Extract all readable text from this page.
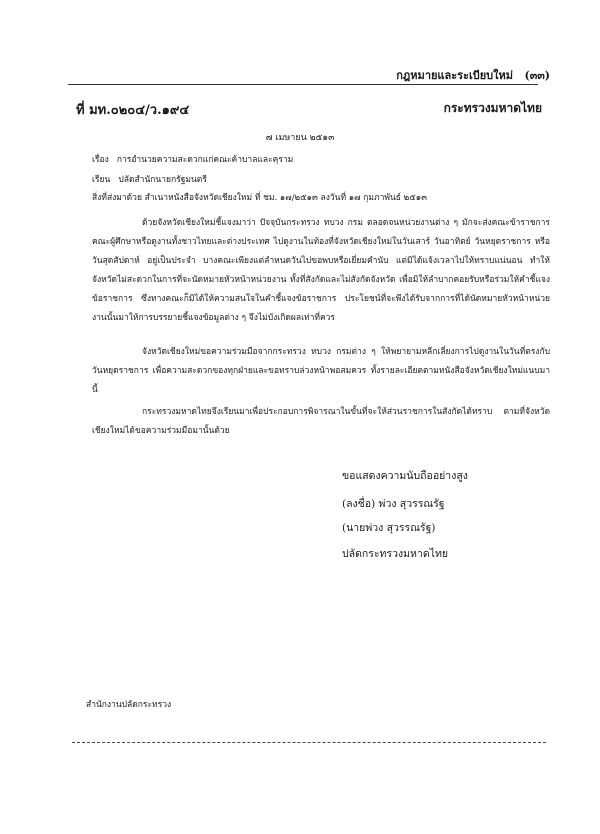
กฎหมายและระเบียบใหม่ (๓๓)
ที่ มท.๐๒๐๔/ว.๑๙๔	กระทรวงมหาดไทย
๗ เมษายน ๒๕๑๓
เรื่อง การอำนวยความสะดวกแก่คณะค้าบาลและคุราม
เรียน ปลัดสำนักนายกรัฐมนตรี
สิ่งที่ส่งมาด้วย สำเนาหนังสือจังหวัดเชียงใหม่ ที่ ชม. ๑๗/๒๕๑๓ ลงวันที่ ๑๗ กุมภาพันธ์ ๒๕๑๓

ด้วยจังหวัดเชียงใหม่ชี้แจงมาว่า ปัจจุบันกระทรวง ทบวง กรม ตลอดจนหน่วยงานต่าง ๆ มักจะส่งคณะข้าราชการ คณะผู้ศึกษาหรือดูงานทั้งชาวไทยและต่างประเทศ ไปดูงานในท้องที่จังหวัดเชียงใหม่ในวันเสาร์ วันอาทิตย์ วันหยุดราชการ หรือวันสุดสัปดาห์ อยู่เป็นประจำ บางคณะเพียงแต่ลำหนดวันไปขอพบหรือเยี่ยมคำนับ แต่มิได้แจ้งเวลาไปให้ทราบแน่นอน ทำให้จังหวัดไม่สะดวกในการที่จะนัดหมายหัวหน้าหน่วยงาน ทั้งที่สังกัดและไม่สังกัดจังหวัด เพื่อมิให้ลำบากคอยรับหรือร่วมให้คำชี้แจงข้อราชการ ซึ่งทางคณะก็มิได้ให้ความสนใจในคำชี้แจงข้อราชการ ประโยชน์ที่จะพึงได้รับจากการที่ได้นัดหมายหัวหน้าหน่วยงานนั้นมาให้การบรรยายชี้แจงข้อมูลต่าง ๆ จึงไม่บังเกิดผลเท่าที่ควร

จังหวัดเชียงใหม่ขอความร่วมมือจากกระทรวง ทบวง กรมต่าง ๆ ให้พยายามหลีกเลี่ยงการไปดูงานในวันที่ตรงกับวันหยุดราชการ เพื่อความสะดวกของทุกฝ่ายและขอทราบล่วงหน้าพอสมควร ทั้งรายละเอียดตามหนังสือจังหวัดเชียงใหม่แนบมานี้

กระทรวงมหาดไทยจึงเรียนมาเพื่อประกอบการพิจารณาในขั้นที่จะให้ส่วนราชการในสังกัดได้ทราบ ตามที่จังหวัดเชียงใหม่ได้ขอความร่วมมือมานั้นด้วย

ขอแสดงความนับถืออย่างสูง
(ลงชื่อ) พ่วง สุวรรณรัฐ
(นายพ่วง สุวรรณรัฐ)
ปลัดกระทรวงมหาดไทย
สำนักงานปลัดกระทรวง
